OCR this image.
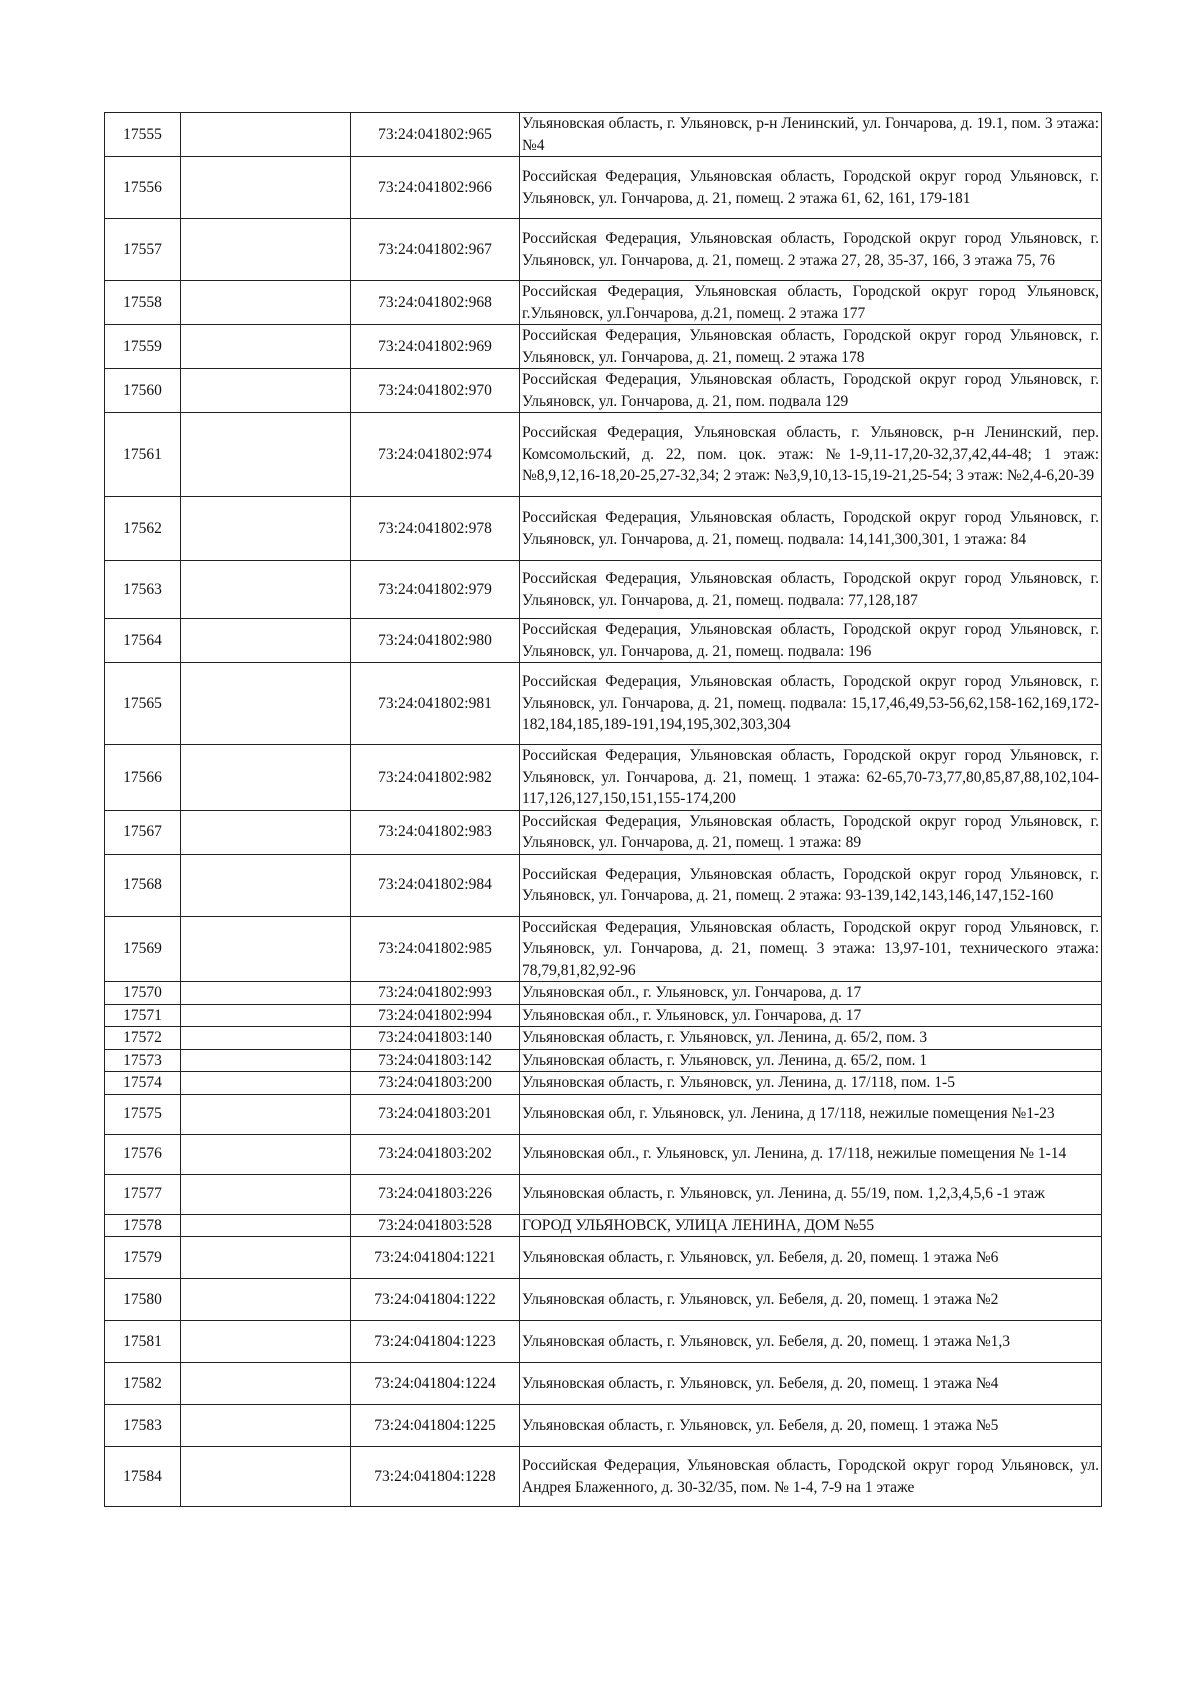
17555		73:24:041802:965	Ульяновская область, г. Ульяновск, р-н Ленинский, ул. Гончарова, д. 19.1, пом. 3 этажа: №4
17556		73:24:041802:966	Российская Федерация, Ульяновская область, Городской округ город Ульяновск, г. Ульяновск, ул. Гончарова, д. 21, помещ. 2 этажа 61, 62, 161, 179-181
17557		73:24:041802:967	Российская Федерация, Ульяновская область, Городской округ город Ульяновск, г. Ульяновск, ул. Гончарова, д. 21, помещ. 2 этажа 27, 28, 35-37, 166, 3 этажа 75, 76
17558		73:24:041802:968	Российская Федерация, Ульяновская область, Городской округ город Ульяновск, г.Ульяновск, ул.Гончарова, д.21, помещ. 2 этажа 177
17559		73:24:041802:969	Российская Федерация, Ульяновская область, Городской округ город Ульяновск, г. Ульяновск, ул. Гончарова, д. 21, помещ. 2 этажа 178
17560		73:24:041802:970	Российская Федерация, Ульяновская область, Городской округ город Ульяновск, г. Ульяновск, ул. Гончарова, д. 21, пом. подвала 129
17561		73:24:041802:974	Российская Федерация, Ульяновская область, г. Ульяновск, р-н Ленинский, пер. Комсомольский, д. 22, пом. цок. этаж: №1-9,11-17,20-32,37,42,44-48; 1 этаж: №8,9,12,16-18,20-25,27-32,34; 2 этаж: №3,9,10,13-15,19-21,25-54; 3 этаж: №2,4-6,20-39
17562		73:24:041802:978	Российская Федерация, Ульяновская область, Городской округ город Ульяновск, г. Ульяновск, ул. Гончарова, д. 21, помещ. подвала: 14,141,300,301, 1 этажа: 84
17563		73:24:041802:979	Российская Федерация, Ульяновская область, Городской округ город Ульяновск, г. Ульяновск, ул. Гончарова, д. 21, помещ. подвала: 77,128,187
17564		73:24:041802:980	Российская Федерация, Ульяновская область, Городской округ город Ульяновск, г. Ульяновск, ул. Гончарова, д. 21, помещ. подвала: 196
17565		73:24:041802:981	Российская Федерация, Ульяновская область, Городской округ город Ульяновск, г. Ульяновск, ул. Гончарова, д. 21, помещ. подвала: 15,17,46,49,53-56,62,158-162,169,172-182,184,185,189-191,194,195,302,303,304
17566		73:24:041802:982	Российская Федерация, Ульяновская область, Городской округ город Ульяновск, г. Ульяновск, ул. Гончарова, д. 21, помещ. 1 этажа: 62-65,70-73,77,80,85,87,88,102,104-117,126,127,150,151,155-174,200
17567		73:24:041802:983	Российская Федерация, Ульяновская область, Городской округ город Ульяновск, г. Ульяновск, ул. Гончарова, д. 21, помещ. 1 этажа: 89
17568		73:24:041802:984	Российская Федерация, Ульяновская область, Городской округ город Ульяновск, г. Ульяновск, ул. Гончарова, д. 21, помещ. 2 этажа: 93-139,142,143,146,147,152-160
17569		73:24:041802:985	Российская Федерация, Ульяновская область, Городской округ город Ульяновск, г. Ульяновск, ул. Гончарова, д. 21, помещ. 3 этажа: 13,97-101, технического этажа: 78,79,81,82,92-96
17570		73:24:041802:993	Ульяновская обл., г. Ульяновск, ул. Гончарова, д. 17
17571		73:24:041802:994	Ульяновская обл., г. Ульяновск, ул. Гончарова, д. 17
17572		73:24:041803:140	Ульяновская область, г. Ульяновск, ул. Ленина, д. 65/2, пом. 3
17573		73:24:041803:142	Ульяновская область, г. Ульяновск, ул. Ленина, д. 65/2, пом. 1
17574		73:24:041803:200	Ульяновская область, г. Ульяновск, ул. Ленина, д. 17/118, пом. 1-5
17575		73:24:041803:201	Ульяновская обл, г. Ульяновск, ул. Ленина, д 17/118, нежилые помещения №1-23
17576		73:24:041803:202	Ульяновская обл., г. Ульяновск, ул. Ленина, д. 17/118, нежилые помещения № 1-14
17577		73:24:041803:226	Ульяновская область, г. Ульяновск, ул. Ленина, д. 55/19, пом. 1,2,3,4,5,6 -1 этаж
17578		73:24:041803:528	ГОРОД УЛЬЯНОВСК, УЛИЦА ЛЕНИНА, ДОМ №55
17579		73:24:041804:1221	Ульяновская область, г. Ульяновск, ул. Бебеля, д. 20, помещ. 1 этажа №6
17580		73:24:041804:1222	Ульяновская область, г. Ульяновск, ул. Бебеля, д. 20, помещ. 1 этажа №2
17581		73:24:041804:1223	Ульяновская область, г. Ульяновск, ул. Бебеля, д. 20, помещ. 1 этажа №1,3
17582		73:24:041804:1224	Ульяновская область, г. Ульяновск, ул. Бебеля, д. 20, помещ. 1 этажа №4
17583		73:24:041804:1225	Ульяновская область, г. Ульяновск, ул. Бебеля, д. 20, помещ. 1 этажа №5
17584		73:24:041804:1228	Российская Федерация, Ульяновская область, Городской округ город Ульяновск, ул. Андрея Блаженного, д. 30-32/35, пом. № 1-4, 7-9 на 1 этаже
